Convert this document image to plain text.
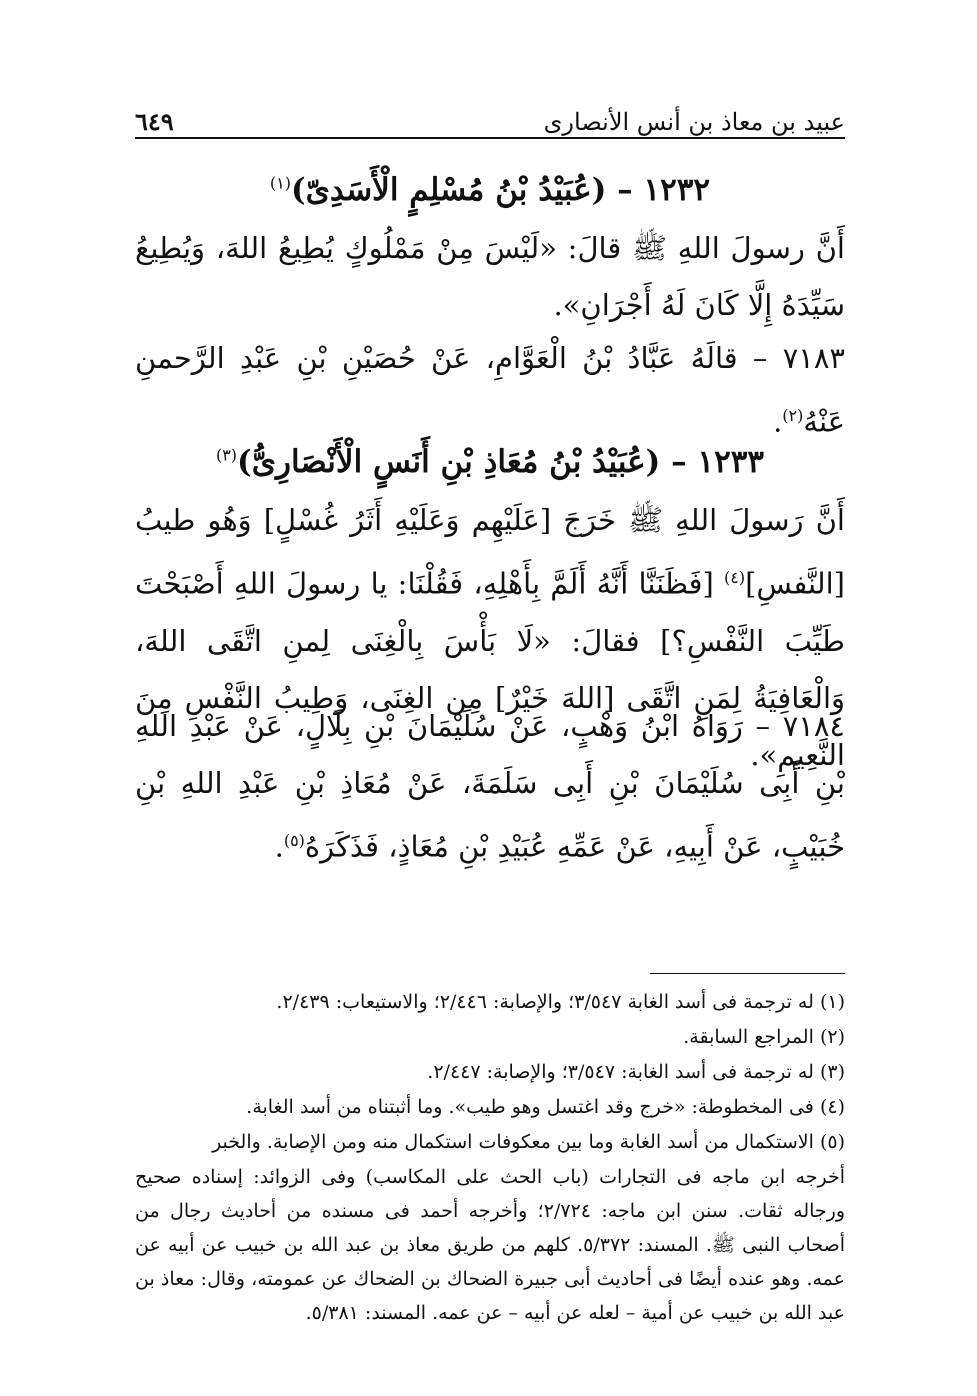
عبيد بن معاذ بن أنس الأنصارى
٦٤٩
١٢٣٢ – (عُبَيْدُ بْنُ مُسْلِمٍ الْأَسَدِىّ)$^{(١)}$
أَنَّ رسولَ اللهِ ﷺ قالَ: «لَيْسَ مِنْ مَمْلُوكٍ يُطِيعُ اللهَ، وَيُطِيعُ سَيِّدَهُ إِلَّا كَانَ لَهُ أَجْرَانِ».
٧١٨٣ – قالَهُ عَبَّادُ بْنُ الْعَوَّامِ، عَنْ حُصَيْنِ بْنِ عَبْدِ الرَّحمنِ عَنْهُ$^{(٢)}$.
١٢٣٣ – (عُبَيْدُ بْنُ مُعَاذِ بْنِ أَنَسٍ الْأَنْصَارِىُّ)$^{(٣)}$
أَنَّ رَسولَ اللهِ ﷺ خَرَجَ [عَلَيْهِم وَعَلَيْهِ أَثَرُ غُسْلٍ] وَهُو طيبُ [النَّفسِ]$^{(٤)}$ [فَظَنَنَّا أَنَّهُ أَلَمَّ بِأَهْلِهِ، فَقُلْنَا: يا رسولَ اللهِ أَصْبَحْتَ طَيِّبَ النَّفْسِ؟] فقالَ: «لَا بَأْسَ بِالْغِنَى لِمنِ اتَّقَى اللهَ، وَالْعَافِيَةُ لِمَنِ اتَّقَى [اللهَ خَيْرٌ] مِن الغِنَى، وَطِيبُ النَّفْسِ مِنَ النَّعِيمِ».
٧١٨٤ – رَوَاهُ ابْنُ وَهْبٍ، عَنْ سُلَيْمَانَ بْنِ بِلَالٍ، عَنْ عَبْدِ اللهِ بْنِ أَبِى سُلَيْمَانَ بْنِ أَبِى سَلَمَةَ، عَنْ مُعَاذِ بْنِ عَبْدِ اللهِ بْنِ خُبَيْبٍ، عَنْ أَبِيهِ، عَنْ عَمِّهِ عُبَيْدِ بْنِ مُعَاذٍ، فَذَكَرَهُ$^{(٥)}$.
(١) له ترجمة فى أسد الغابة ٣/٥٤٧؛ والإصابة: ٢/٤٤٦؛ والاستيعاب: ٢/٤٣٩.
(٢) المراجع السابقة.
(٣) له ترجمة فى أسد الغابة: ٣/٥٤٧؛ والإصابة: ٢/٤٤٧.
(٤) فى المخطوطة: «خرج وقد اغتسل وهو طيب». وما أثبتناه من أسد الغابة.
(٥) الاستكمال من أسد الغابة وما بين معكوفات استكمال منه ومن الإصابة. والخبر
أخرجه ابن ماجه فى التجارات (باب الحث على المكاسب) وفى الزوائد: إسناده صحيح ورجاله ثقات. سنن ابن ماجه: ٢/٧٢٤؛ وأخرجه أحمد فى مسنده من أحاديث رجال من أصحاب النبى ﷺ. المسند: ٥/٣٧٢. كلهم من طريق معاذ بن عبد الله بن خبيب عن أبيه عن عمه. وهو عنده أيضًا فى أحاديث أبى جبيرة الضحاك بن الضحاك عن عمومته، وقال: معاذ بن عبد الله بن خبيب عن أمية – لعله عن أبيه – عن عمه. المسند: ٥/٣٨١.
